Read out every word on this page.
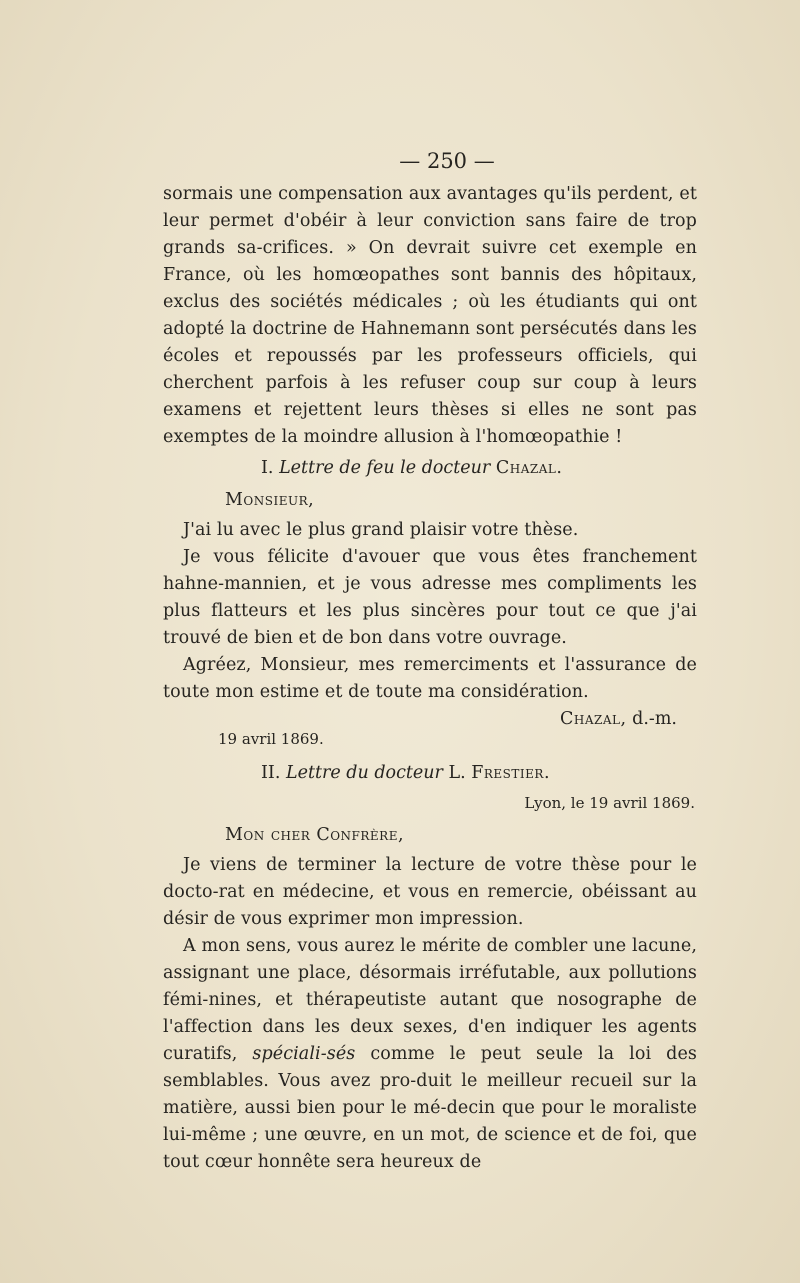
— 250 —

sormais une compensation aux avantages qu'ils perdent, et leur permet d'obéir à leur conviction sans faire de trop grands sa-crifices. » On devrait suivre cet exemple en France, où les homœopathes sont bannis des hôpitaux, exclus des sociétés médicales ; où les étudiants qui ont adopté la doctrine de Hahnemann sont persécutés dans les écoles et repoussés par les professeurs officiels, qui cherchent parfois à les refuser coup sur coup à leurs examens et rejettent leurs thèses si elles ne sont pas exemptes de la moindre allusion à l'homœopathie !

I. Lettre de feu le docteur Chazal.
Monsieur,

J'ai lu avec le plus grand plaisir votre thèse.

Je vous félicite d'avouer que vous êtes franchement hahne-mannien, et je vous adresse mes compliments les plus flatteurs et les plus sincères pour tout ce que j'ai trouvé de bien et de bon dans votre ouvrage.

Agréez, Monsieur, mes remerciments et l'assurance de toute mon estime et de toute ma considération.

Chazal, d.-m.
19 avril 1869.
II. Lettre du docteur L. Frestier.
Lyon, le 19 avril 1869.
Mon cher Confrère,

Je viens de terminer la lecture de votre thèse pour le docto-rat en médecine, et vous en remercie, obéissant au désir de vous exprimer mon impression.

A mon sens, vous aurez le mérite de combler une lacune, assignant une place, désormais irréfutable, aux pollutions fémi-nines, et thérapeutiste autant que nosographe de l'affection dans les deux sexes, d'en indiquer les agents curatifs, spéciali-sés comme le peut seule la loi des semblables. Vous avez pro-duit le meilleur recueil sur la matière, aussi bien pour le mé-decin que pour le moraliste lui-même ; une œuvre, en un mot, de science et de foi, que tout cœur honnête sera heureux de
